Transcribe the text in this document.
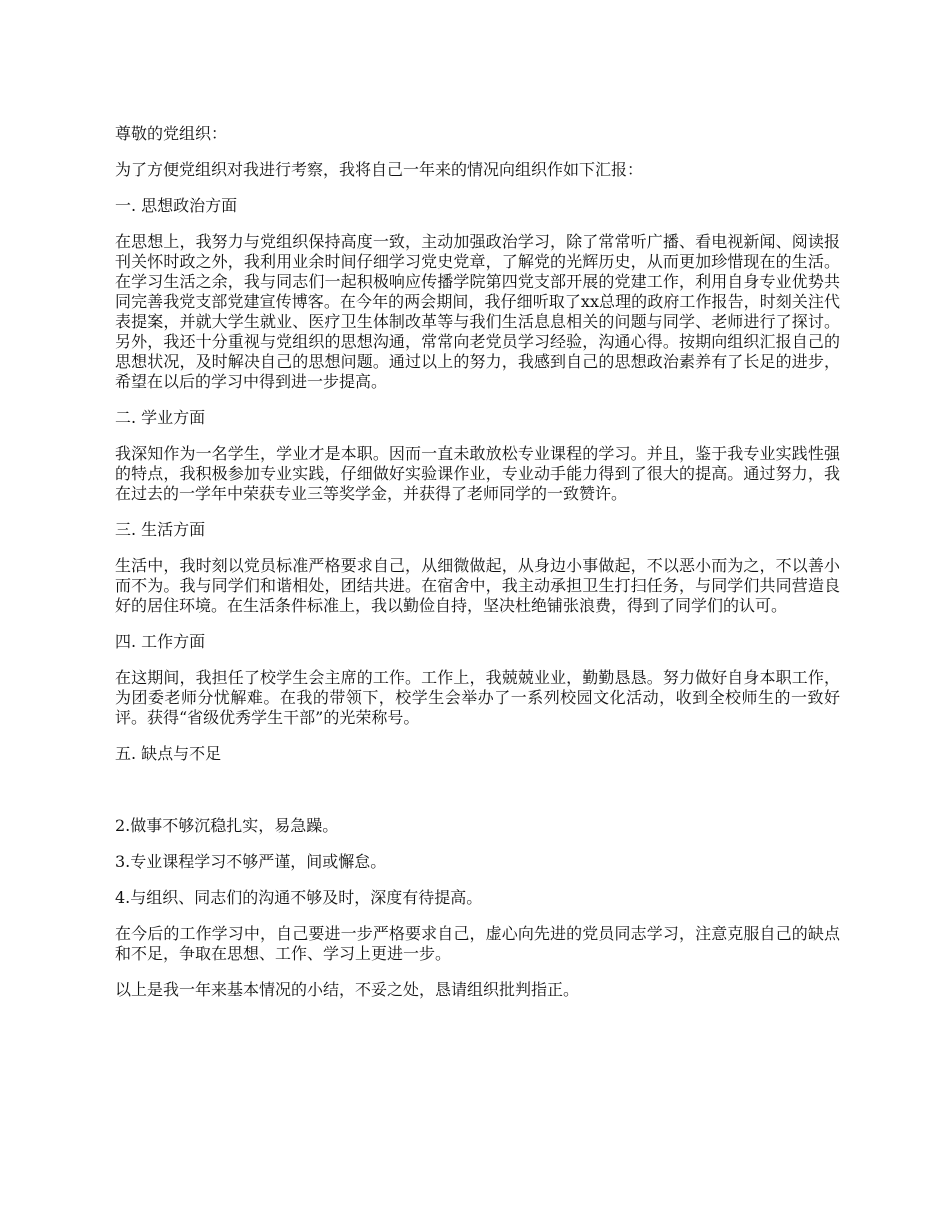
尊敬的党组织：

为了方便党组织对我进行考察，我将自己一年来的情况向组织作如下汇报：

一. 思想政治方面

在思想上，我努力与党组织保持高度一致，主动加强政治学习，除了常常听广播、看电视新闻、阅读报刊关怀时政之外，我利用业余时间仔细学习党史党章，了解党的光辉历史，从而更加珍惜现在的生活。在学习生活之余，我与同志们一起积极响应传播学院第四党支部开展的党建工作，利用自身专业优势共同完善我党支部党建宣传博客。在今年的两会期间，我仔细听取了xx总理的政府工作报告，时刻关注代表提案，并就大学生就业、医疗卫生体制改革等与我们生活息息相关的问题与同学、老师进行了探讨。另外，我还十分重视与党组织的思想沟通，常常向老党员学习经验，沟通心得。按期向组织汇报自己的思想状况，及时解决自己的思想问题。通过以上的努力，我感到自己的思想政治素养有了长足的进步，希望在以后的学习中得到进一步提高。

二. 学业方面

我深知作为一名学生，学业才是本职。因而一直未敢放松专业课程的学习。并且，鉴于我专业实践性强的特点，我积极参加专业实践，仔细做好实验课作业，专业动手能力得到了很大的提高。通过努力，我在过去的一学年中荣获专业三等奖学金，并获得了老师同学的一致赞许。

三. 生活方面

生活中，我时刻以党员标准严格要求自己，从细微做起，从身边小事做起，不以恶小而为之，不以善小而不为。我与同学们和谐相处，团结共进。在宿舍中，我主动承担卫生打扫任务，与同学们共同营造良好的居住环境。在生活条件标准上，我以勤俭自持，坚决杜绝铺张浪费，得到了同学们的认可。

四. 工作方面

在这期间，我担任了校学生会主席的工作。工作上，我兢兢业业，勤勤恳恳。努力做好自身本职工作，为团委老师分忧解难。在我的带领下，校学生会举办了一系列校园文化活动，收到全校师生的一致好评。获得“省级优秀学生干部”的光荣称号。

五. 缺点与不足

2.做事不够沉稳扎实，易急躁。

3.专业课程学习不够严谨，间或懈怠。

4.与组织、同志们的沟通不够及时，深度有待提高。

在今后的工作学习中，自己要进一步严格要求自己，虚心向先进的党员同志学习，注意克服自己的缺点和不足，争取在思想、工作、学习上更进一步。

以上是我一年来基本情况的小结，不妥之处，恳请组织批判指正。
